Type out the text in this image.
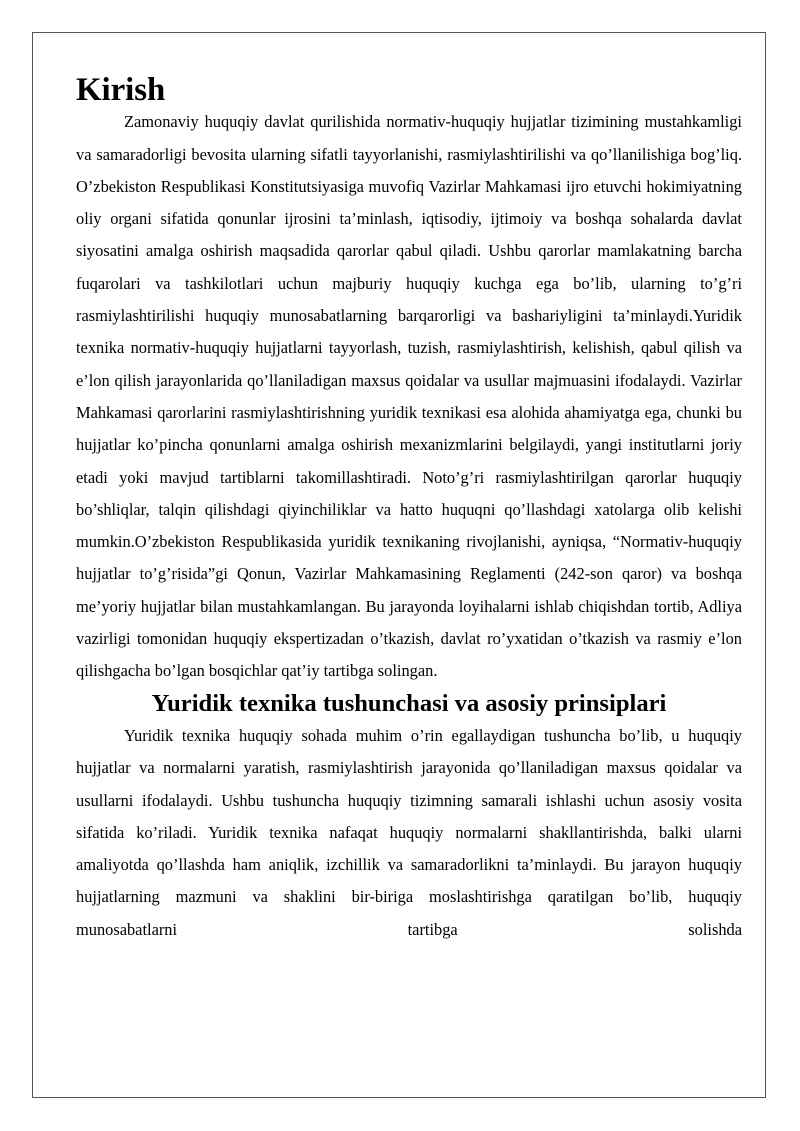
Kirish

Zamonaviy huquqiy davlat qurilishida normativ-huquqiy hujjatlar tizimining mustahkamligi va samaradorligi bevosita ularning sifatli tayyorlanishi, rasmiylashtirilishi va qo’llanilishiga bog’liq. O’zbekiston Respublikasi Konstitutsiyasiga muvofiq Vazirlar Mahkamasi ijro etuvchi hokimiyatning oliy organi sifatida qonunlar ijrosini ta’minlash, iqtisodiy, ijtimoiy va boshqa sohalarda davlat siyosatini amalga oshirish maqsadida qarorlar qabul qiladi. Ushbu qarorlar mamlakatning barcha fuqarolari va tashkilotlari uchun majburiy huquqiy kuchga ega bo’lib, ularning to’g’ri rasmiylashtirilishi huquqiy munosabatlarning barqarorligi va bashariyligini ta’minlaydi.Yuridik texnika normativ-huquqiy hujjatlarni tayyorlash, tuzish, rasmiylashtirish, kelishish, qabul qilish va e’lon qilish jarayonlarida qo’llaniladigan maxsus qoidalar va usullar majmuasini ifodalaydi. Vazirlar Mahkamasi qarorlarini rasmiylashtirishning yuridik texnikasi esa alohida ahamiyatga ega, chunki bu hujjatlar ko’pincha qonunlarni amalga oshirish mexanizmlarini belgilaydi, yangi institutlarni joriy etadi yoki mavjud tartiblarni takomillashtiradi. Noto’g’ri rasmiylashtirilgan qarorlar huquqiy bo’shliqlar, talqin qilishdagi qiyinchiliklar va hatto huquqni qo’llashdagi xatolarga olib kelishi mumkin.O’zbekiston Respublikasida yuridik texnikaning rivojlanishi, ayniqsa, “Normativ-huquqiy hujjatlar to’g’risida”gi Qonun, Vazirlar Mahkamasining Reglamenti (242-son qaror) va boshqa me’yoriy hujjatlar bilan mustahkamlangan. Bu jarayonda loyihalarni ishlab chiqishdan tortib, Adliya vazirligi tomonidan huquqiy ekspertizadan o’tkazish, davlat ro’yxatidan o’tkazish va rasmiy e’lon qilishgacha bo’lgan bosqichlar qat’iy tartibga solingan.

Yuridik texnika tushunchasi va asosiy prinsiplari

Yuridik texnika huquqiy sohada muhim o’rin egallaydigan tushuncha bo’lib, u huquqiy hujjatlar va normalarni yaratish, rasmiylashtirish jarayonida qo’llaniladigan maxsus qoidalar va usullarni ifodalaydi. Ushbu tushuncha huquqiy tizimning samarali ishlashi uchun asosiy vosita sifatida ko’riladi. Yuridik texnika nafaqat huquqiy normalarni shakllantirishda, balki ularni amaliyotda qo’llashda ham aniqlik, izchillik va samaradorlikni ta’minlaydi. Bu jarayon huquqiy hujjatlarning mazmuni va shaklini bir-biriga moslashtirishga qaratilgan bo’lib, huquqiy munosabatlarni tartibga solishda
